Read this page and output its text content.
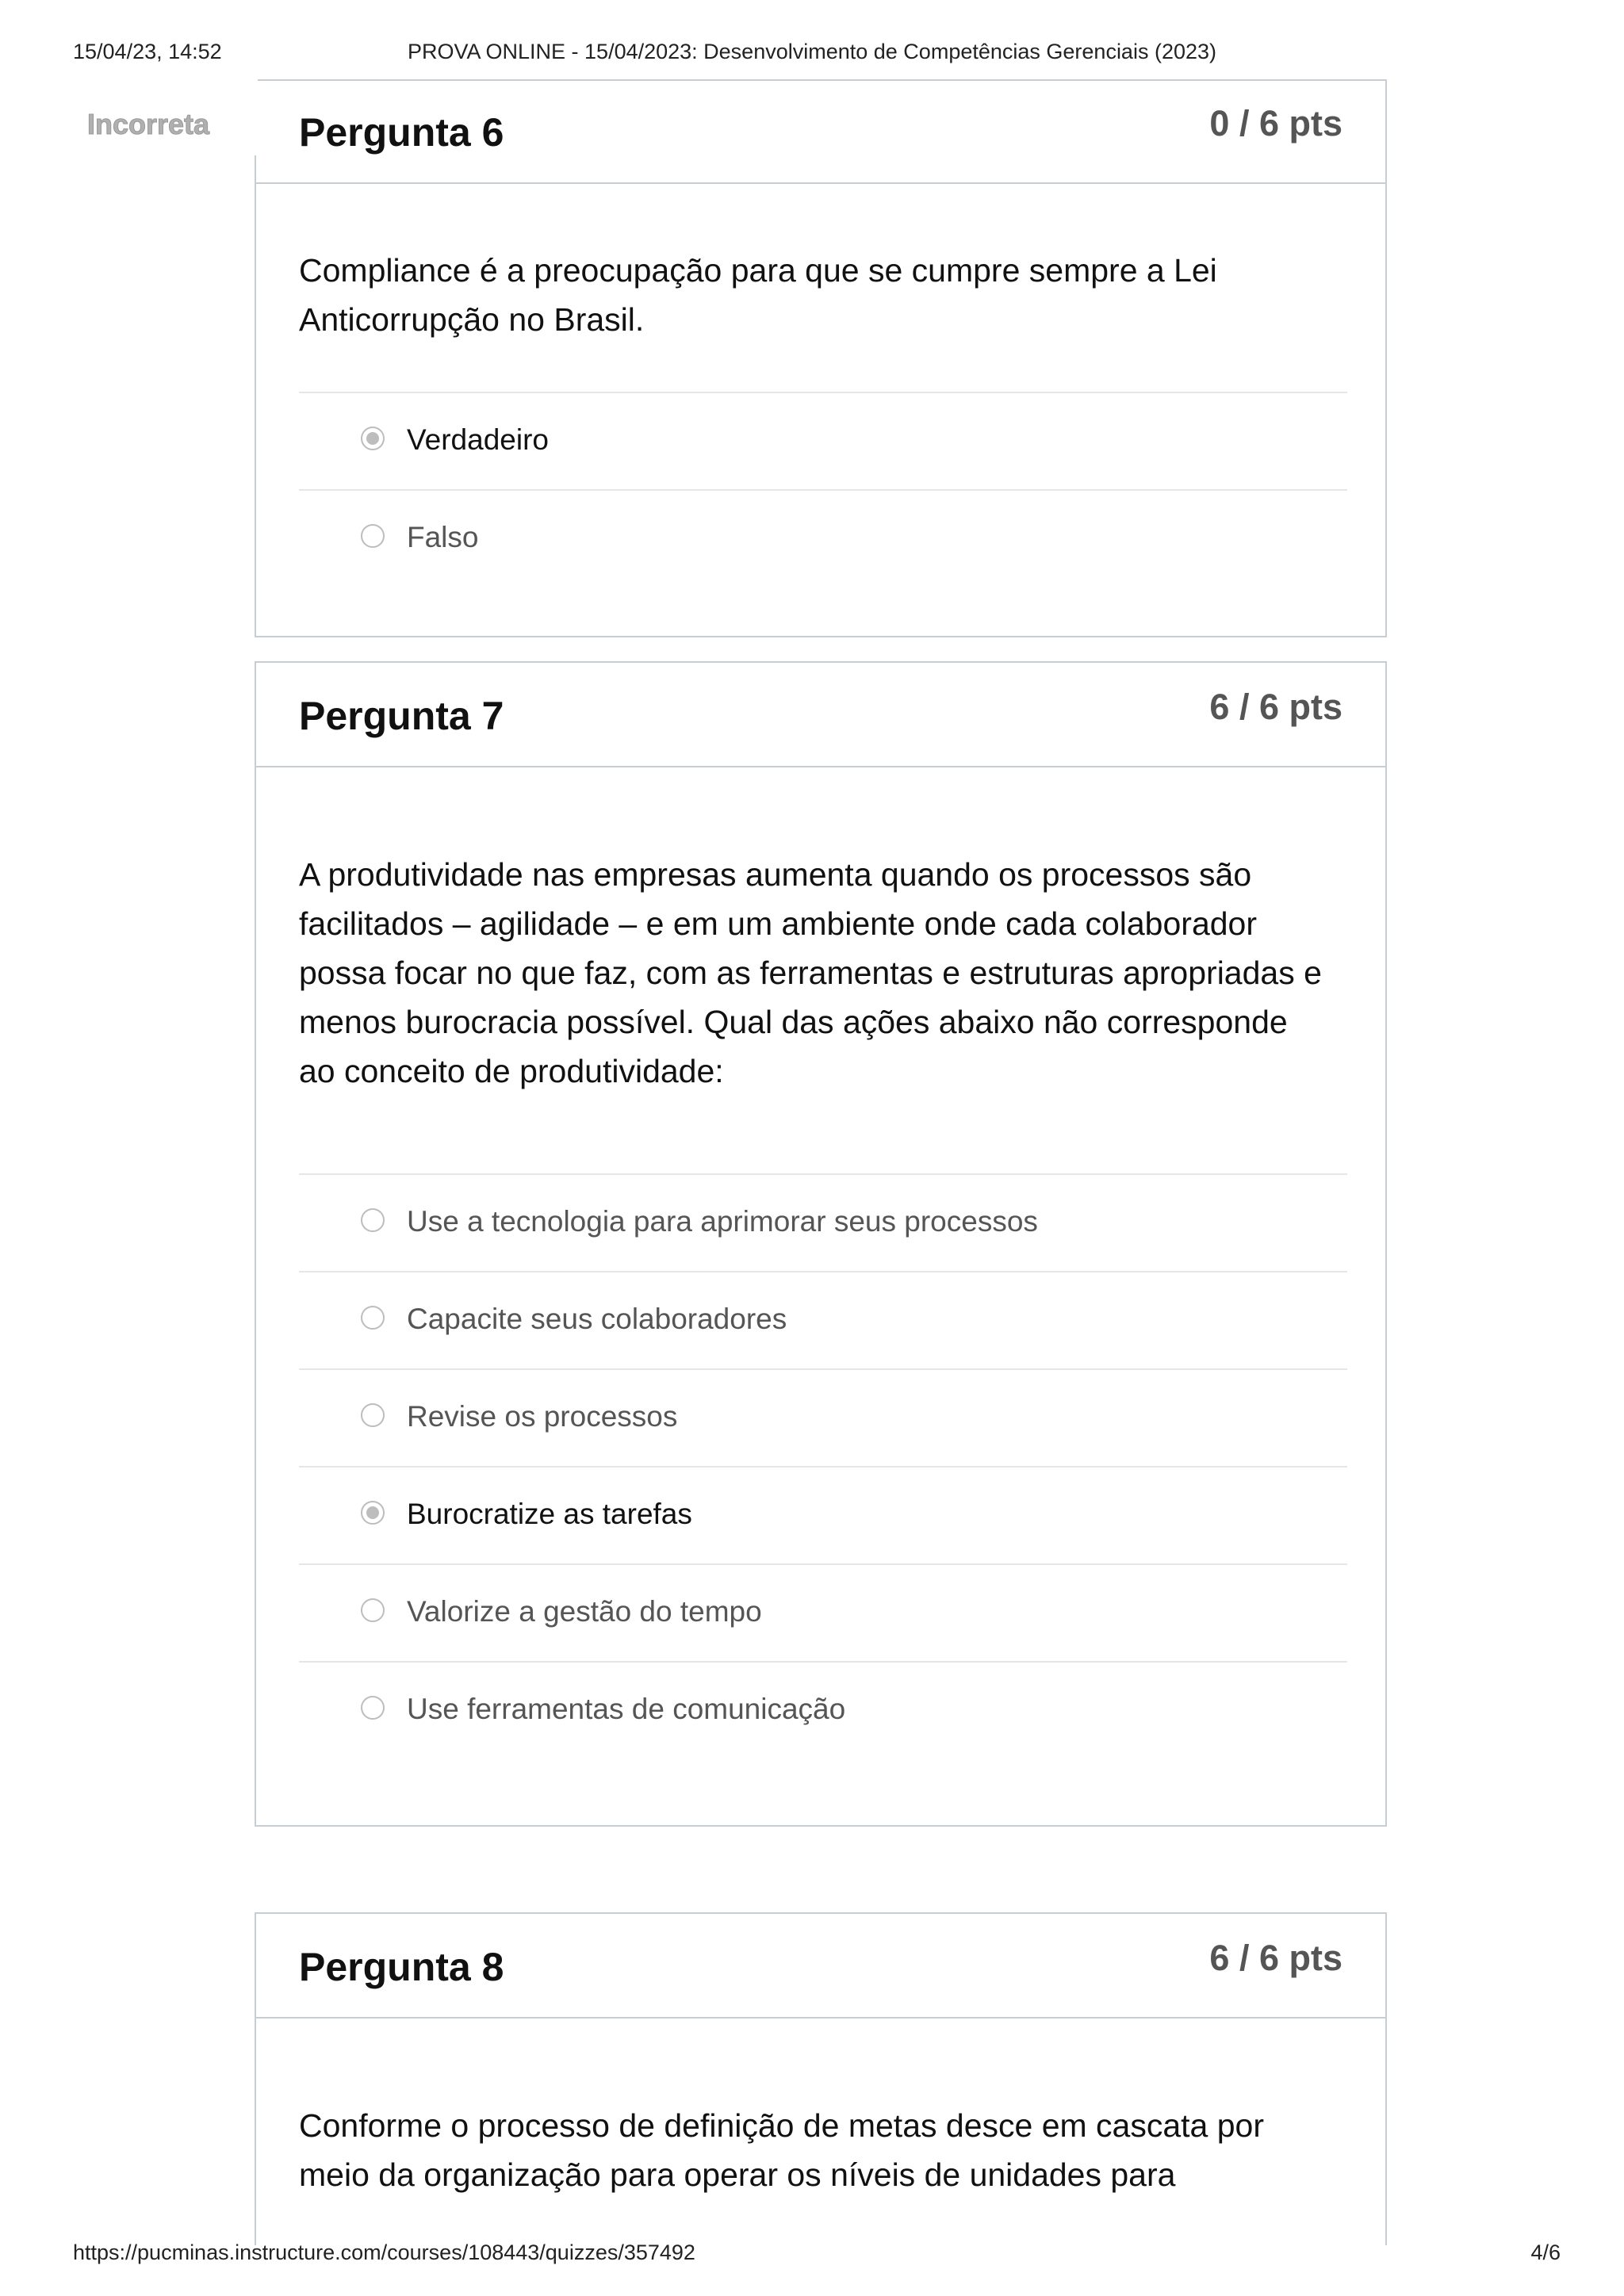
15/04/23, 14:52	PROVA ONLINE - 15/04/2023: Desenvolvimento de Competências Gerenciais (2023)
Incorreta Pergunta 6	0 / 6 pts
Compliance é a preocupação para que se cumpre sempre a Lei
Anticorrupção no Brasil.
Verdadeiro
Falso
Pergunta 7	6 / 6 pts
A produtividade nas empresas aumenta quando os processos são
facilitados – agilidade – e em um ambiente onde cada colaborador
possa focar no que faz, com as ferramentas e estruturas apropriadas e
menos burocracia possível. Qual das ações abaixo não corresponde
ao conceito de produtividade:
Use a tecnologia para aprimorar seus processos
Capacite seus colaboradores
Revise os processos
Burocratize as tarefas
Valorize a gestão do tempo
Use ferramentas de comunicação
Pergunta 8	6 / 6 pts
Conforme o processo de definição de metas desce em cascata por
meio da organização para operar os níveis de unidades para
https://pucminas.instructure.com/courses/108443/quizzes/357492	4/6
